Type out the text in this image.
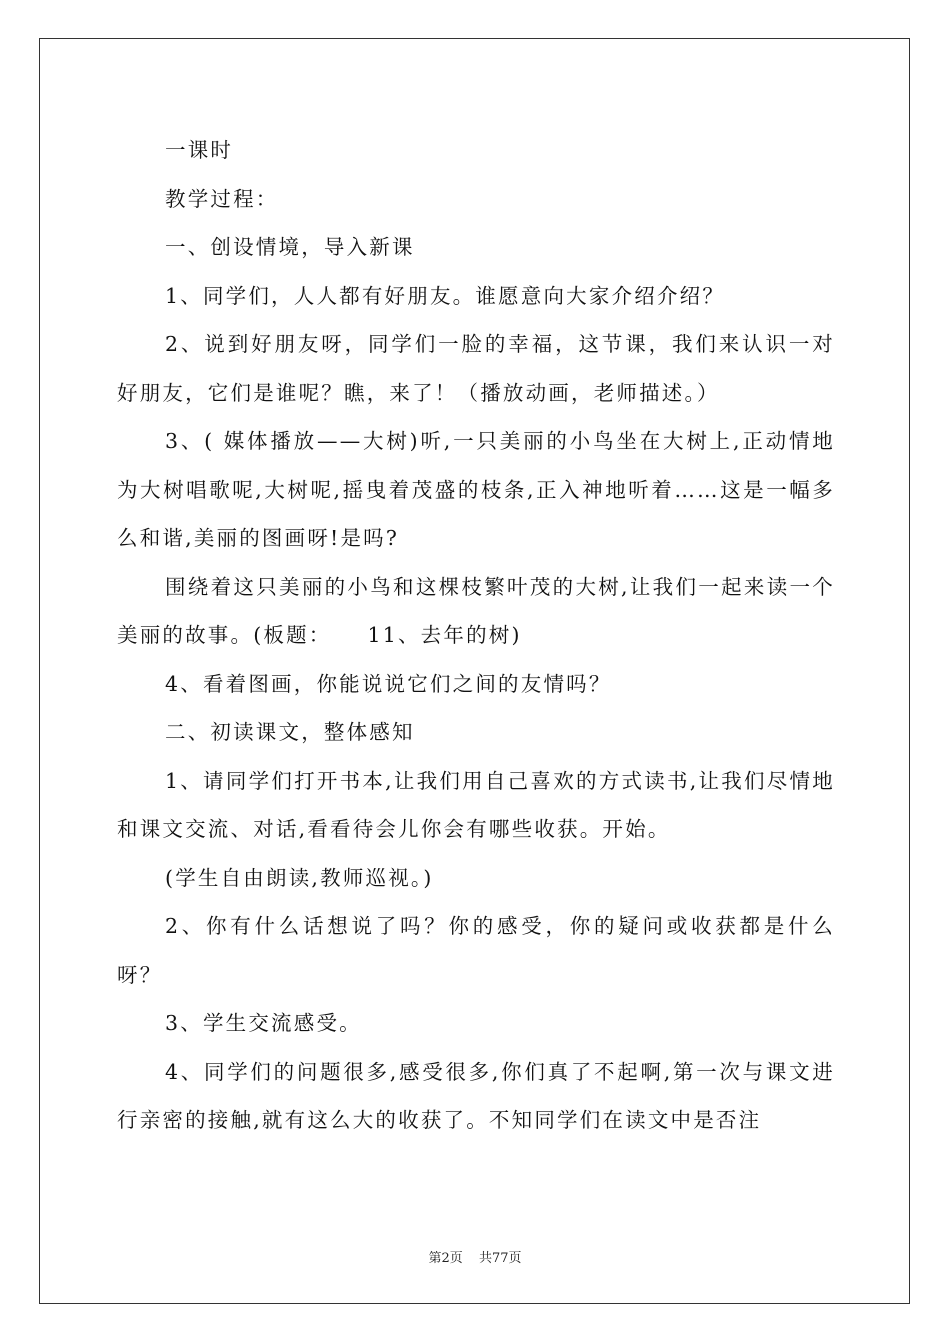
一课时

教学过程：

一、创设情境，导入新课

1、同学们，人人都有好朋友。谁愿意向大家介绍介绍？

2、说到好朋友呀，同学们一脸的幸福，这节课，我们来认识一对好朋友，它们是谁呢？瞧，来了！（播放动画，老师描述。）

3、( 媒体播放——大树)听,一只美丽的小鸟坐在大树上,正动情地为大树唱歌呢,大树呢,摇曳着茂盛的枝条,正入神地听着……这是一幅多么和谐,美丽的图画呀!是吗?

围绕着这只美丽的小鸟和这棵枝繁叶茂的大树,让我们一起来读一个美丽的故事。(板题： 11、去年的树)

4、看着图画，你能说说它们之间的友情吗？

二、初读课文，整体感知

1、请同学们打开书本,让我们用自己喜欢的方式读书,让我们尽情地和课文交流、对话,看看待会儿你会有哪些收获。开始。

(学生自由朗读,教师巡视。)

2、你有什么话想说了吗？你的感受，你的疑问或收获都是什么呀？

3、学生交流感受。

4、同学们的问题很多,感受很多,你们真了不起啊,第一次与课文进行亲密的接触,就有这么大的收获了。不知同学们在读文中是否注

第2页 共77页
